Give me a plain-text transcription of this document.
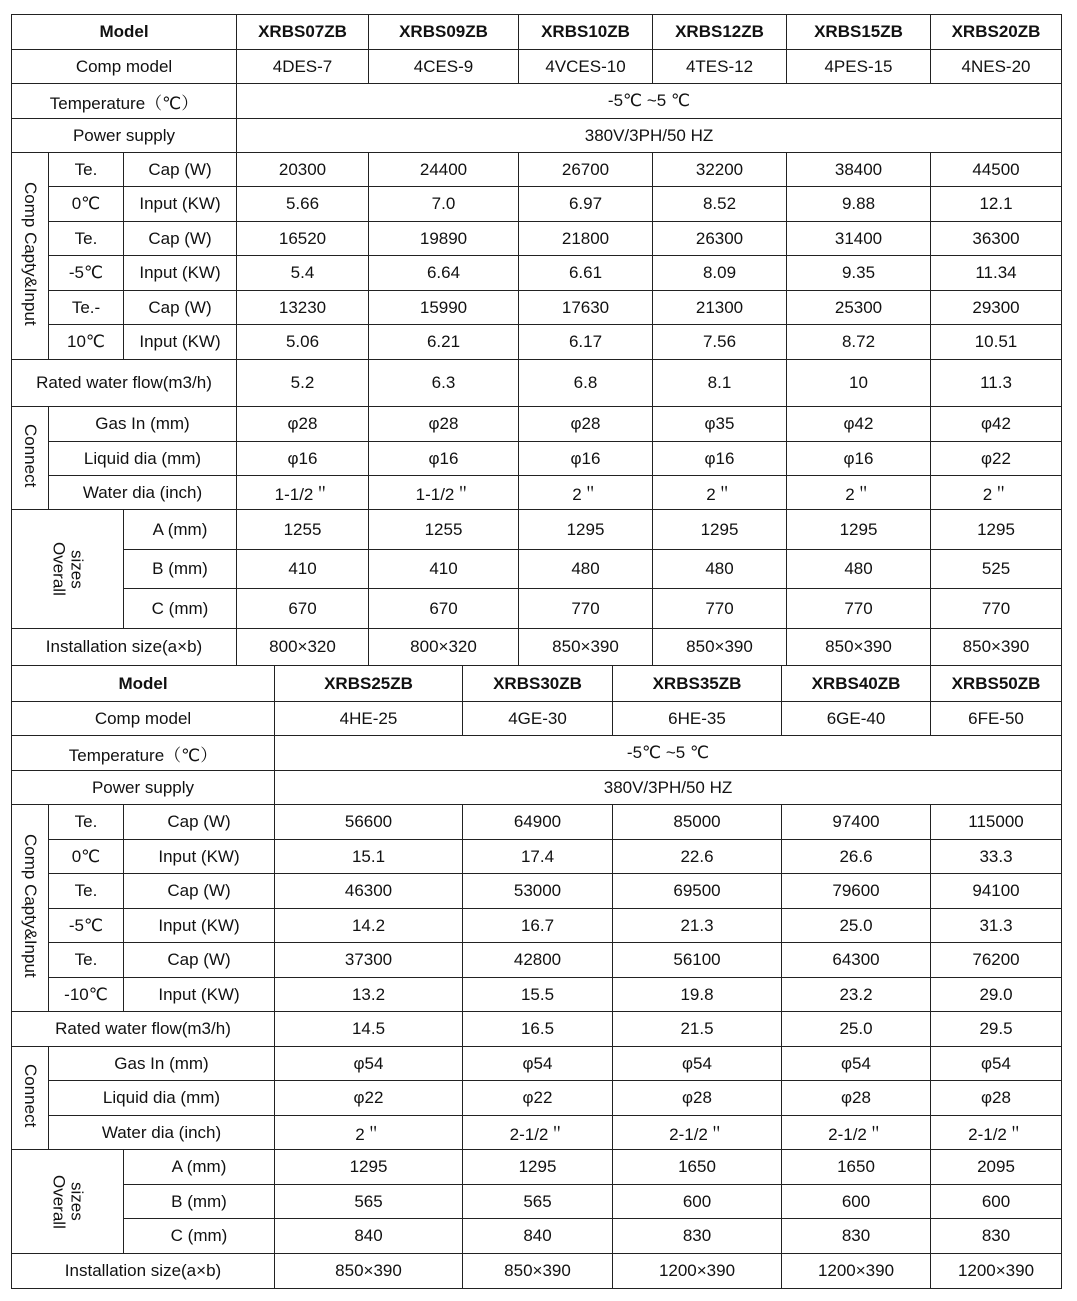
Model			XRBS07ZB	XRBS09ZB	XRBS10ZB	XRBS12ZB	XRBS15ZB	XRBS20ZB
Comp model			4DES-7	4CES-9	4VCES-10	4TES-12	4PES-15	4NES-20
Temperature（℃）			-5℃ ~5 ℃					
Power supply			380V/3PH/50 HZ					
Comp Capty&Input	Te.	Cap (W)	20300	24400	26700	32200	38400	44500
	0℃	Input (KW)	5.66	7.0	6.97	8.52	9.88	12.1
	Te.	Cap (W)	16520	19890	21800	26300	31400	36300
	-5℃	Input (KW)	5.4	6.64	6.61	8.09	9.35	11.34
	Te.-	Cap (W)	13230	15990	17630	21300	25300	29300
	10℃	Input (KW)	5.06	6.21	6.17	7.56	8.72	10.51
Rated water flow(m3/h)			5.2	6.3	6.8	8.1	10	11.3
Connect	Gas In (mm)		φ28	φ28	φ28	φ35	φ42	φ42
	Liquid dia (mm)		φ16	φ16	φ16	φ16	φ16	φ22
	Water dia (inch)		1-1/2＂	1-1/2＂	2＂	2＂	2＂	2＂

Overall
sizes		A (mm)	1255	1255	1295	1295	1295	1295
		B (mm)	410	410	480	480	480	525
		C (mm)	670	670	770	770	770	770
Installation size(a×b)			800×320	800×320	850×390	850×390	850×390	850×390
Model			XRBS25ZB	XRBS30ZB	XRBS35ZB	XRBS40ZB	XRBS50ZB
Comp model			4HE-25	4GE-30	6HE-35	6GE-40	6FE-50
Temperature（℃）			-5℃ ~5 ℃				
Power supply			380V/3PH/50 HZ				
Comp Capty&Input	Te.	Cap (W)	56600	64900	85000	97400	115000
	0℃	Input (KW)	15.1	17.4	22.6	26.6	33.3
	Te.	Cap (W)	46300	53000	69500	79600	94100
	-5℃	Input (KW)	14.2	16.7	21.3	25.0	31.3
	Te.	Cap (W)	37300	42800	56100	64300	76200
	-10℃	Input (KW)	13.2	15.5	19.8	23.2	29.0
Rated water flow(m3/h)			14.5	16.5	21.5	25.0	29.5
Connect	Gas In (mm)		φ54	φ54	φ54	φ54	φ54
	Liquid dia (mm)		φ22	φ22	φ28	φ28	φ28
	Water dia (inch)		2＂	2-1/2＂	2-1/2＂	2-1/2＂	2-1/2＂

Overall
sizes		A (mm)	1295	1295	1650	1650	2095
		B (mm)	565	565	600	600	600
		C (mm)	840	840	830	830	830
Installation size(a×b)			850×390	850×390	1200×390	1200×390	1200×390
